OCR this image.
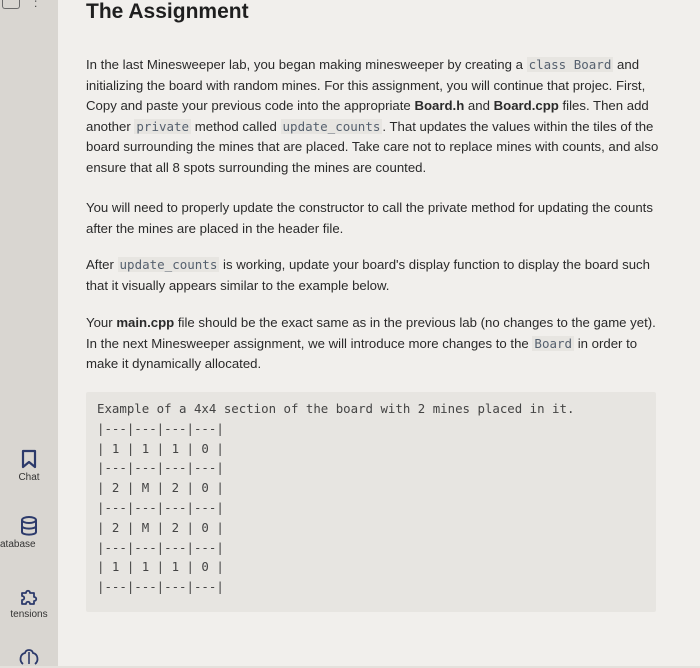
:
Chat
atabase
tensions
The Assignment

In the last Minesweeper lab, you began making minesweeper by creating a class Board and initializing the board with random mines. For this assignment, you will continue that projec. First, Copy and paste your previous code into the appropriate Board.h and Board.cpp files. Then add another private method called update_counts . That updates the values within the tiles of the board surrounding the mines that are placed. Take care not to replace mines with counts, and also ensure that all 8 spots surrounding the mines are counted.

You will need to properly update the constructor to call the private method for updating the counts after the mines are placed in the header file.

After update_counts is working, update your board's display function to display the board such that it visually appears similar to the example below.

Your main.cpp file should be the exact same as in the previous lab (no changes to the game yet). In the next Minesweeper assignment, we will introduce more changes to the Board in order to make it dynamically allocated.

Example of a 4x4 section of the board with 2 mines placed in it.
|---|---|---|---|
| 1 | 1 | 1 | 0 |
|---|---|---|---|
| 2 | M | 2 | 0 |
|---|---|---|---|
| 2 | M | 2 | 0 |
|---|---|---|---|
| 1 | 1 | 1 | 0 |
|---|---|---|---|
